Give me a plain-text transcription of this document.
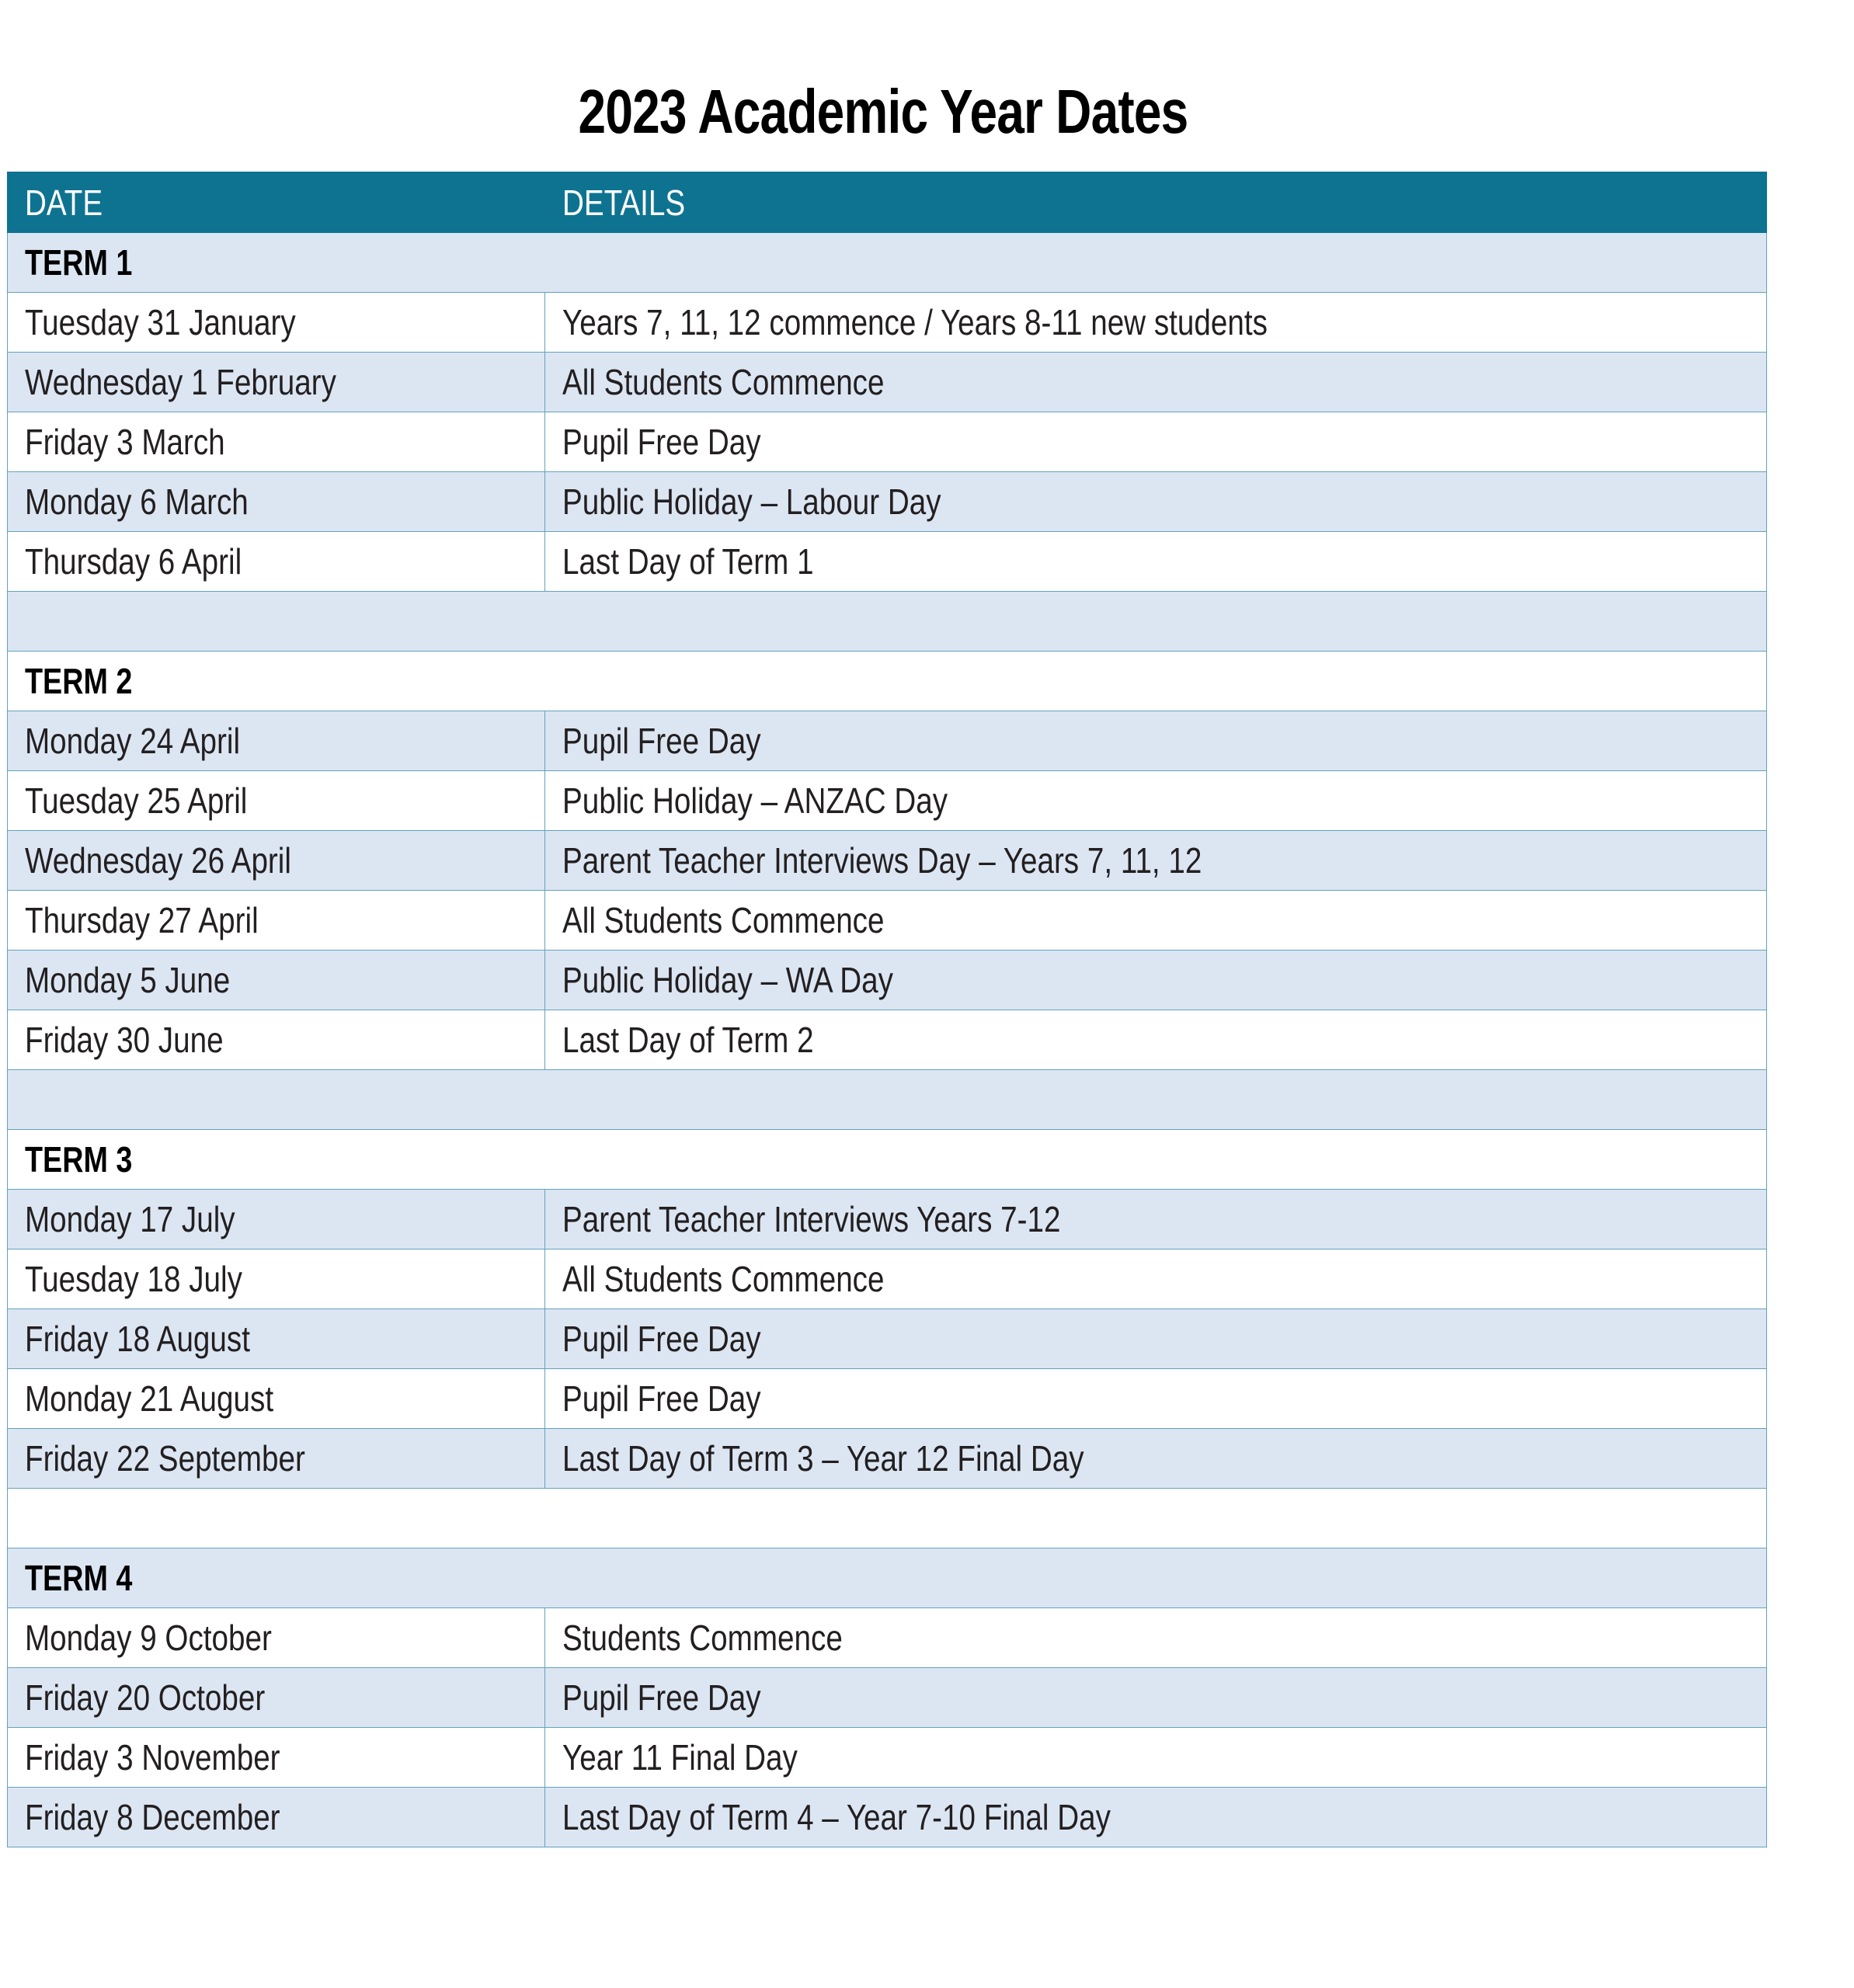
2023 Academic Year Dates
DATE	DETAILS
TERM 1	
Tuesday 31 January	Years 7, 11, 12 commence / Years 8-11 new students
Wednesday 1 February	All Students Commence
Friday 3 March	Pupil Free Day
Monday 6 March	Public Holiday – Labour Day
Thursday 6 April	Last Day of Term 1

TERM 2	
Monday 24 April	Pupil Free Day
Tuesday 25 April	Public Holiday – ANZAC Day
Wednesday 26 April	Parent Teacher Interviews Day – Years 7, 11, 12
Thursday 27 April	All Students Commence
Monday 5 June	Public Holiday – WA Day
Friday 30 June	Last Day of Term 2

TERM 3	
Monday 17 July	Parent Teacher Interviews Years 7-12
Tuesday 18 July	All Students Commence
Friday 18 August	Pupil Free Day
Monday 21 August	Pupil Free Day
Friday 22 September	Last Day of Term 3 – Year 12 Final Day

TERM 4	
Monday 9 October	Students Commence
Friday 20 October	Pupil Free Day
Friday 3 November	Year 11 Final Day
Friday 8 December	Last Day of Term 4 – Year 7-10 Final Day
